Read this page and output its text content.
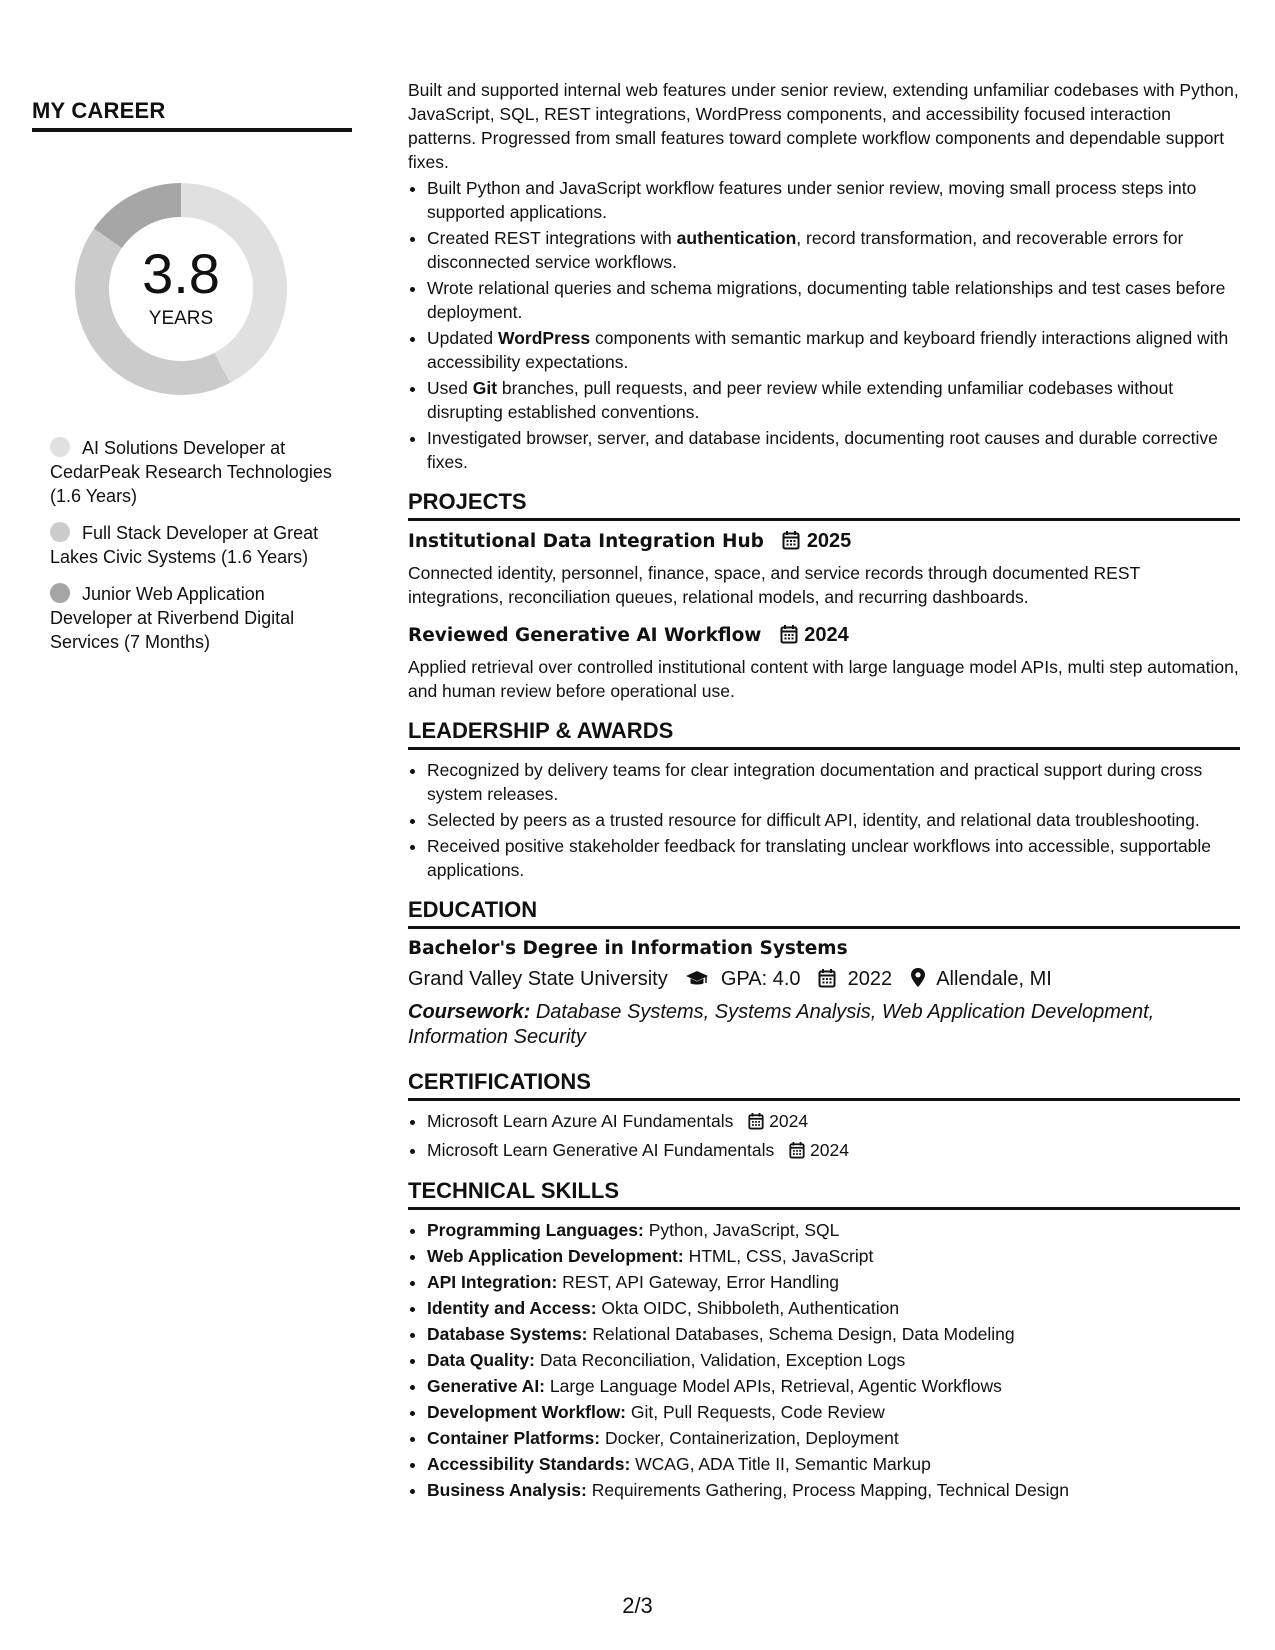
MY CAREER
3.8
YEARS
AI Solutions Developer at CedarPeak Research Technologies (1.6 Years)
Full Stack Developer at Great Lakes Civic Systems (1.6 Years)
Junior Web Application Developer at Riverbend Digital Services (7 Months)

Built and supported internal web features under senior review, extending unfamiliar codebases with Python, JavaScript, SQL, REST integrations, WordPress components, and accessibility focused interaction patterns. Progressed from small features toward complete workflow components and dependable support fixes.

• Built Python and JavaScript workflow features under senior review, moving small process steps into supported applications.
• Created REST integrations with authentication, record transformation, and recoverable errors for disconnected service workflows.
• Wrote relational queries and schema migrations, documenting table relationships and test cases before deployment.
• Updated WordPress components with semantic markup and keyboard friendly interactions aligned with accessibility expectations.
• Used Git branches, pull requests, and peer review while extending unfamiliar codebases without disrupting established conventions.
• Investigated browser, server, and database incidents, documenting root causes and durable corrective fixes.
PROJECTS
Institutional Data Integration Hub 2025

Connected identity, personnel, finance, space, and service records through documented REST integrations, reconciliation queues, relational models, and recurring dashboards.

Reviewed Generative AI Workflow 2024

Applied retrieval over controlled institutional content with large language model APIs, multi step automation, and human review before operational use.

LEADERSHIP & AWARDS
• Recognized by delivery teams for clear integration documentation and practical support during cross system releases.
• Selected by peers as a trusted resource for difficult API, identity, and relational data troubleshooting.
• Received positive stakeholder feedback for translating unclear workflows into accessible, supportable applications.
EDUCATION
Bachelor's Degree in Information Systems
Grand Valley State University	GPA: 4.0 2022 Allendale, MI
Coursework: Database Systems, Systems Analysis, Web Application Development, Information Security
CERTIFICATIONS
• Microsoft Learn Azure AI Fundamentals 2024
• Microsoft Learn Generative AI Fundamentals 2024
TECHNICAL SKILLS
• Programming Languages: Python, JavaScript, SQL
• Web Application Development: HTML, CSS, JavaScript
• API Integration: REST, API Gateway, Error Handling
• Identity and Access: Okta OIDC, Shibboleth, Authentication
• Database Systems: Relational Databases, Schema Design, Data Modeling
• Data Quality: Data Reconciliation, Validation, Exception Logs
• Generative AI: Large Language Model APIs, Retrieval, Agentic Workflows
• Development Workflow: Git, Pull Requests, Code Review
• Container Platforms: Docker, Containerization, Deployment
• Accessibility Standards: WCAG, ADA Title II, Semantic Markup
• Business Analysis: Requirements Gathering, Process Mapping, Technical Design
2/3
